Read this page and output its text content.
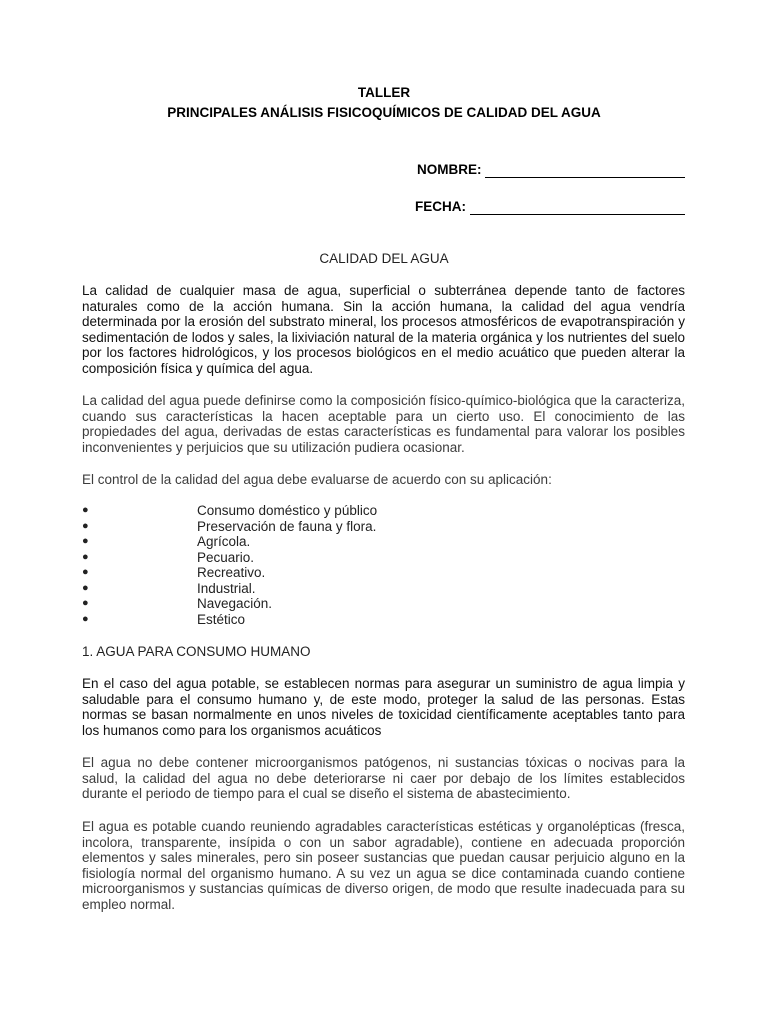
TALLER
PRINCIPALES ANÁLISIS FISICOQUÍMICOS DE CALIDAD DEL AGUA
NOMBRE:
FECHA:
CALIDAD DEL AGUA
La calidad de cualquier masa de agua, superficial o subterránea depende tanto de factores naturales como de la acción humana. Sin la acción humana, la calidad del agua vendría determinada por la erosión del substrato mineral, los procesos atmosféricos de evapotranspiración y sedimentación de lodos y sales, la lixiviación natural de la materia orgánica y los nutrientes del suelo por los factores hidrológicos, y los procesos biológicos en el medio acuático que pueden alterar la composición física y química del agua.
La calidad del agua puede definirse como la composición físico-químico-biológica que la caracteriza, cuando sus características la hacen aceptable para un cierto uso. El conocimiento de las propiedades del agua, derivadas de estas características es fundamental para valorar los posibles inconvenientes y perjuicios que su utilización pudiera ocasionar.
El control de la calidad del agua debe evaluarse de acuerdo con su aplicación:
●	Consumo doméstico y público
●	Preservación de fauna y flora.
●	Agrícola.
●	Pecuario.
●	Recreativo.
●	Industrial.
●	Navegación.
●	Estético
1. AGUA PARA CONSUMO HUMANO
En el caso del agua potable, se establecen normas para asegurar un suministro de agua limpia y saludable para el consumo humano y, de este modo, proteger la salud de las personas. Estas normas se basan normalmente en unos niveles de toxicidad científicamente aceptables tanto para los humanos como para los organismos acuáticos
El agua no debe contener microorganismos patógenos, ni sustancias tóxicas o nocivas para la salud, la calidad del agua no debe deteriorarse ni caer por debajo de los límites establecidos durante el periodo de tiempo para el cual se diseño el sistema de abastecimiento.
El agua es potable cuando reuniendo agradables características estéticas y organolépticas (fresca, incolora, transparente, insípida o con un sabor agradable), contiene en adecuada proporción elementos y sales minerales, pero sin poseer sustancias que puedan causar perjuicio alguno en la fisiología normal del organismo humano. A su vez un agua se dice contaminada cuando contiene microorganismos y sustancias químicas de diverso origen, de modo que resulte inadecuada para su empleo normal.
